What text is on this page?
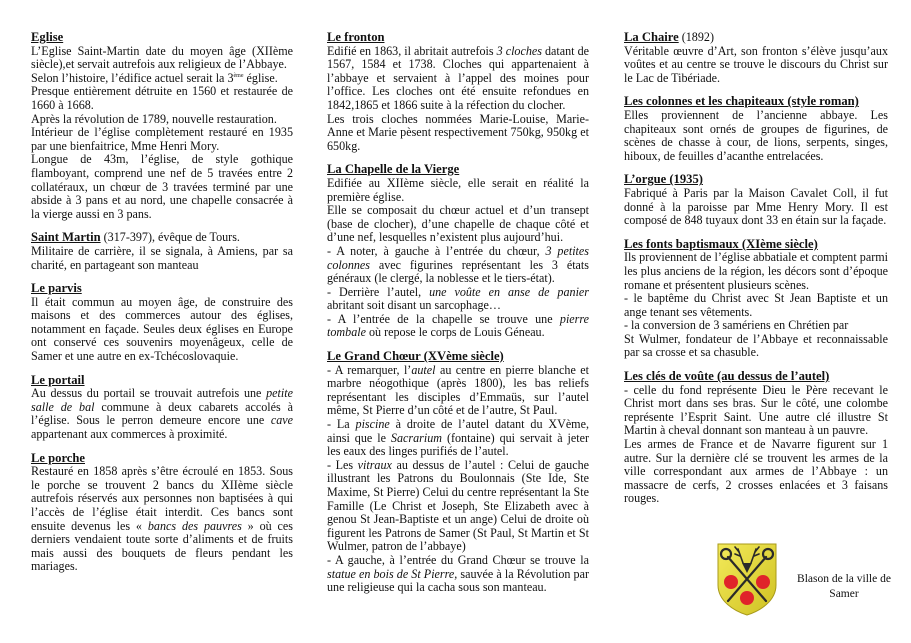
Eglise

L’Eglise Saint-Martin date du moyen âge (XIIème siècle),et servait autrefois aux religieux de l’Abbaye.

Selon l’histoire, l’édifice actuel serait la 3ème église.

Presque entièrement détruite en 1560 et restaurée de 1660 à 1668.

Après la révolution de 1789, nouvelle restauration.

Intérieur de l’église complètement restauré en 1935 par une bienfaitrice, Mme Henri Mory.

Longue de 43m, l’église, de style gothique flamboyant, comprend une nef de 5 travées entre 2 collatéraux, un chœur de 3 travées terminé par une abside à 3 pans et au nord, une chapelle consacrée à la vierge aussi en 3 pans.

Saint Martin (317-397), évêque de Tours.

Militaire de carrière, il se signala, à Amiens, par sa charité, en partageant son manteau

Le parvis

Il était commun au moyen âge, de construire des maisons et des commerces autour des églises, notamment en façade. Seules deux églises en Europe ont conservé ces souvenirs moyenâgeux, celle de Samer et une autre en ex-Tchécoslovaquie.

Le portail

Au dessus du portail se trouvait autrefois une petite salle de bal commune à deux cabarets accolés à l’église. Sous le perron demeure encore une cave appartenant aux commerces à proximité.

Le porche

Restauré en 1858 après s’être écroulé en 1853. Sous le porche se trouvent 2 bancs du XIIème siècle autrefois réservés aux personnes non baptisées à qui l’accès de l’église était interdit. Ces bancs sont ensuite devenus les « bancs des pauvres » où ces derniers vendaient toute sorte d’aliments et de fruits mais aussi des bouquets de fleurs pendant les mariages.

Le fronton

Edifié en 1863, il abritait autrefois 3 cloches datant de 1567, 1584 et 1738. Cloches qui appartenaient à l’abbaye et servaient à l’appel des moines pour l’office. Les cloches ont été ensuite refondues en 1842,1865 et 1866 suite à la réfection du clocher.

Les trois cloches nommées Marie-Louise, Marie-Anne et Marie pèsent respectivement 750kg, 950kg et 650kg.

La Chapelle de la Vierge

Edifiée au XIIème siècle, elle serait en réalité la première église.

Elle se composait du chœur actuel et d’un transept (base de clocher), d’une chapelle de chaque côté et d’une nef, lesquelles n’existent plus aujourd’hui.

- A noter, à gauche à l’entrée du chœur, 3 petites colonnes avec figurines représentant les 3 états généraux (le clergé, la noblesse et le tiers-état).

- Derrière l’autel, une voûte en anse de panier abritant soit disant un sarcophage…

- A l’entrée de la chapelle se trouve une pierre tombale où repose le corps de Louis Géneau.

Le Grand Chœur (XVème siècle)

- A remarquer, l’autel au centre en pierre blanche et marbre néogothique (après 1800), les bas reliefs représentant les disciples d’Emmaüs, sur l’autel même, St Pierre d’un côté et de l’autre, St Paul.

- La piscine à droite de l’autel datant du XVème, ainsi que le Sacrarium (fontaine) qui servait à jeter les eaux des linges purifiés de l’autel.

- Les vitraux au dessus de l’autel : Celui de gauche illustrant les Patrons du Boulonnais (Ste Ide, Ste Maxime, St Pierre) Celui du centre représentant la Ste Famille (Le Christ et Joseph, Ste Elizabeth avec à genou St Jean-Baptiste et un ange) Celui de droite où figurent les Patrons de Samer (St Paul, St Martin et St Wulmer, patron de l’abbaye)

- A gauche, à l’entrée du Grand Chœur se trouve la statue en bois de St Pierre, sauvée à la Révolution par une religieuse qui la cacha sous son manteau.

La Chaire (1892)

Véritable œuvre d’Art, son fronton s’élève jusqu’aux voûtes et au centre se trouve le discours du Christ sur le Lac de Tibériade.

Les colonnes et les chapiteaux (style roman)

Elles proviennent de l’ancienne abbaye. Les chapiteaux sont ornés de groupes de figurines, de scènes de chasse à cour, de lions, serpents, singes, hiboux, de feuilles d’acanthe entrelacées.

L’orgue (1935)

Fabriqué à Paris par la Maison Cavalet Coll, il fut donné à la paroisse par Mme Henry Mory. Il est composé de 848 tuyaux dont 33 en étain sur la façade.

Les fonts baptismaux (XIème siècle)

Ils proviennent de l’église abbatiale et comptent parmi les plus anciens de la région, les décors sont d’époque romane et présentent plusieurs scènes.

- le baptême du Christ avec St Jean Baptiste et un ange tenant ses vêtements.

- la conversion de 3 samériens en Chrétien par

St Wulmer, fondateur de l’Abbaye et reconnaissable par sa crosse et sa chasuble.

Les clés de voûte (au dessus de l’autel)

- celle du fond représente Dieu le Père recevant le Christ mort dans ses bras. Sur le côté, une colombe représente l’Esprit Saint. Une autre clé illustre St Martin à cheval donnant son manteau à un pauvre.

Les armes de France et de Navarre figurent sur 1 autre. Sur la dernière clé se trouvent les armes de la ville correspondant aux armes de l’Abbaye : un massacre de cerfs, 2 crosses enlacées et 3 faisans rouges.

Blason de la ville de Samer
